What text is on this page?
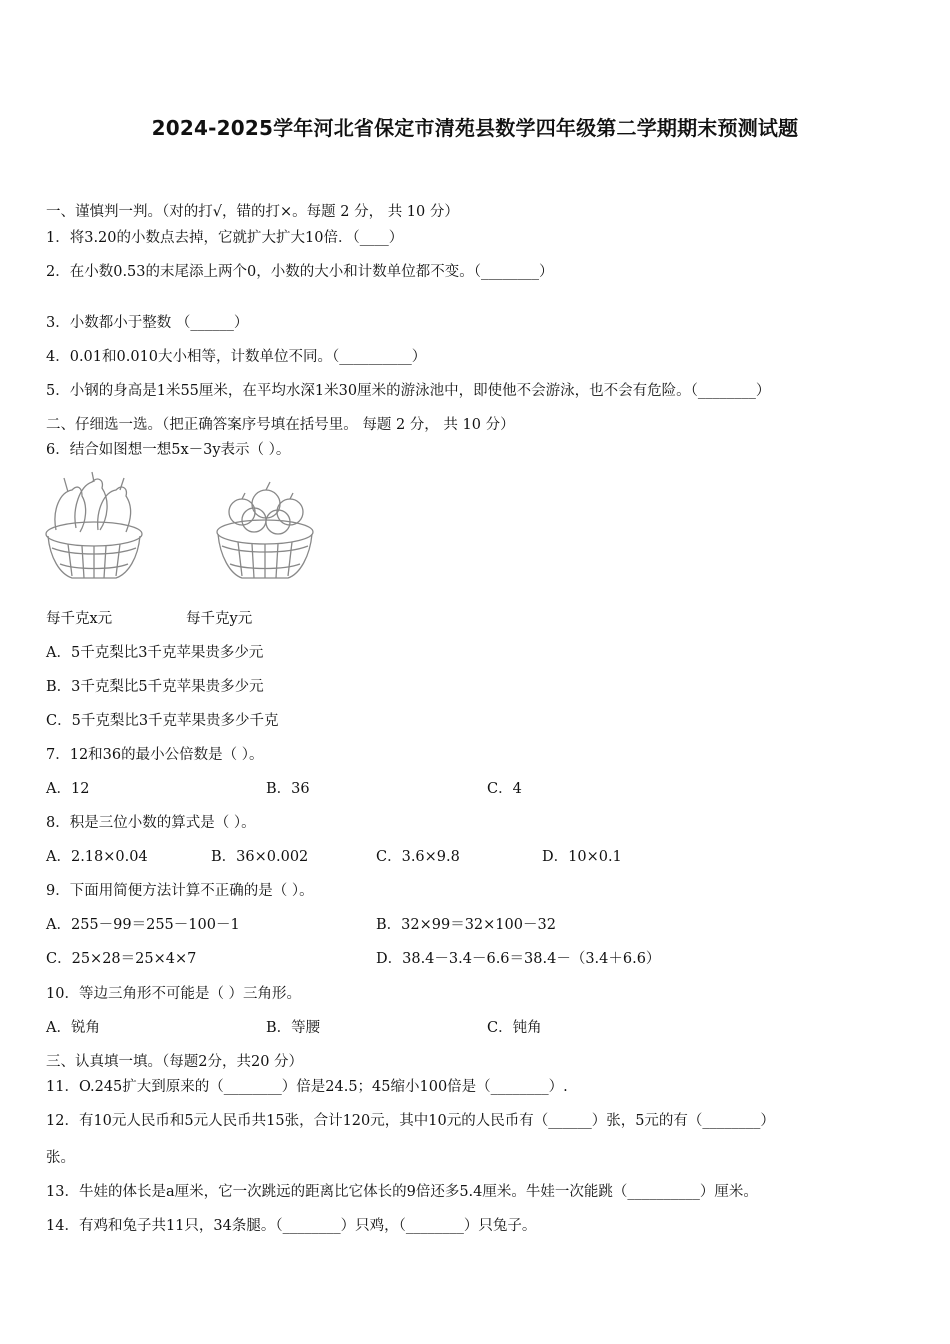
2024-2025学年河北省保定市清苑县数学四年级第二学期期末预测试题
一、谨慎判一判。（对的打√，错的打×。每题 2 分， 共 10 分）
1．将3.20的小数点去掉，它就扩大扩大10倍．（____）
2．在小数0.53的末尾添上两个0，小数的大小和计数单位都不变。（________）
3．小数都小于整数 （______）
4．0.01和0.010大小相等，计数单位不同。（__________）
5．小钢的身高是1米55厘米，在平均水深1米30厘米的游泳池中，即使他不会游泳，也不会有危险。（________）
二、仔细选一选。（把正确答案序号填在括号里。 每题 2 分， 共 10 分）
6．结合如图想一想5x－3y表示（ ）。
每千克x元	每千克y元
A．5千克梨比3千克苹果贵多少元
B．3千克梨比5千克苹果贵多少元
C．5千克梨比3千克苹果贵多少千克
7．12和36的最小公倍数是（ ）。
A．12	B．36	C．4
8．积是三位小数的算式是（ ）。
A．2.18×0.04	B．36×0.002	C．3.6×9.8	D．10×0.1
9．下面用简便方法计算不正确的是（ ）。
A．255－99＝255－100－1	B．32×99＝32×100－32
C．25×28＝25×4×7	D．38.4－3.4－6.6＝38.4－（3.4＋6.6）
10．等边三角形不可能是（ ）三角形。
A．锐角	B．等腰	C．钝角
三、认真填一填。（每题2分，共20 分）
11．O.245扩大到原来的（________）倍是24.5；45缩小100倍是（________）.
12．有10元人民币和5元人民币共15张，合计120元，其中10元的人民币有（______）张，5元的有（________）
张。
13．牛娃的体长是a厘米，它一次跳远的距离比它体长的9倍还多5.4厘米。牛娃一次能跳（__________）厘米。
14．有鸡和兔子共11只，34条腿。（________）只鸡，（________）只兔子。
